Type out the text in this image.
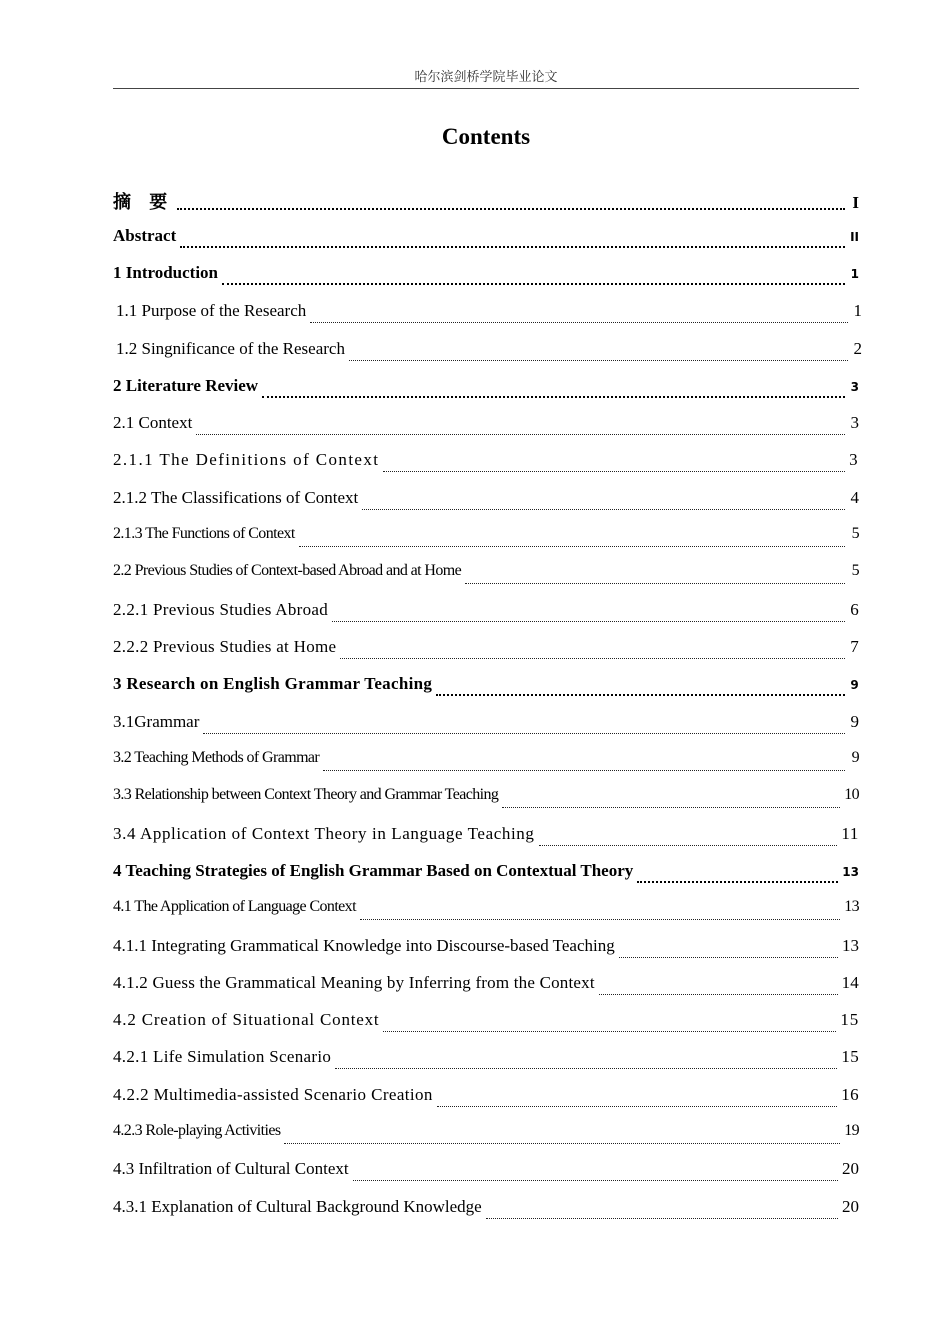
哈尔滨剑桥学院毕业论文
Contents
摘 要	I
Abstract	II
1 Introduction	1
1.1 Purpose of the Research	1
1.2 Singnificance of the Research	2
2 Literature Review	3
2.1 Context	3
2.1.1 The Definitions of Context	3
2.1.2 The Classifications of Context	4
2.1.3 The Functions of Context	5
2.2 Previous Studies of Context-based Abroad and at Home	5
2.2.1 Previous Studies Abroad	6
2.2.2 Previous Studies at Home	7
3 Research on English Grammar Teaching	9
3.1Grammar	9
3.2 Teaching Methods of Grammar	9
3.3 Relationship between Context Theory and Grammar Teaching	10
3.4 Application of Context Theory in Language Teaching	11
4 Teaching Strategies of English Grammar Based on Contextual Theory	13
4.1 The Application of Language Context	13
4.1.1 Integrating Grammatical Knowledge into Discourse-based Teaching	13
4.1.2 Guess the Grammatical Meaning by Inferring from the Context	14
4.2 Creation of Situational Context	15
4.2.1 Life Simulation Scenario	15
4.2.2 Multimedia-assisted Scenario Creation	16
4.2.3 Role-playing Activities	19
4.3 Infiltration of Cultural Context	20
4.3.1 Explanation of Cultural Background Knowledge	20
